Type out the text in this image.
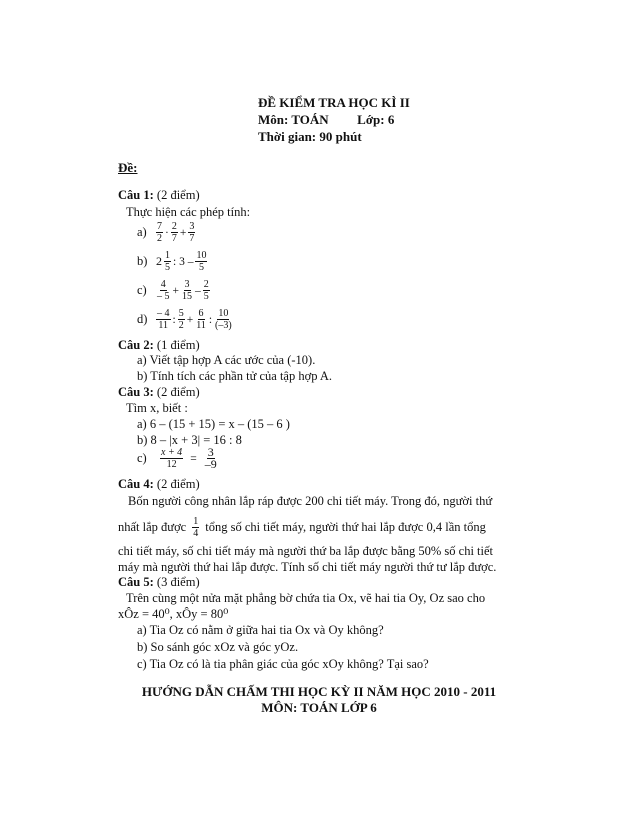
ĐỀ KIỂM TRA HỌC KÌ II
Môn: TOÁN Lớp: 6
Thời gian: 90 phút
Đề:
Câu 1: (2 điểm)
Thực hiện các phép tính:
$a) \frac{7}{2} \cdot \frac{2}{7} + \frac{3}{7}$
b) $2 \frac{1}{5}$ : $3 - \frac{10}{5}$
$c) \frac{4}{- 5} + \frac{3}{15} - \frac{2}{5}$
$d) \frac{- 4}{11}$ : $\frac{5}{2} + \frac{6}{11}$ : $\frac{10}{(-3)}$
Câu 2: (1 điểm)
a) Viết tập hợp A các ước của (-10).
b) Tính tích các phần tử của tập hợp A.
Câu 3: (2 điểm)
Tìm x, biết :
a) 6 – (15 + 15) = x – (15 – 6 )
b) 8 – |x + 3| = 16 : 8
c)	$\frac{x + 4}{12} = \frac{3}{-9}$
Câu 4: (2 điểm)
Bốn người công nhân lắp ráp được 200 chi tiết máy. Trong đó, người thứ
nhất lắp được $\frac{1}{4}$ tổng số chi tiết máy, người thứ hai lắp được 0,4 lần tổng
chi tiết máy, số chi tiết máy mà người thứ ba lắp được bằng 50% số chi tiết
máy mà người thứ hai lắp được. Tính số chi tiết máy người thứ tư lắp được.
Câu 5: (3 điểm)
Trên cùng một nửa mặt phẳng bờ chứa tia Ox, vẽ hai tia Oy, Oz sao cho
xÔz = 40⁰, xÔy = 80⁰
a) Tia Oz có nằm ở giữa hai tia Ox và Oy không?
b) So sánh góc xOz và góc yOz.
c) Tia Oz có là tia phân giác của góc xOy không? Tại sao?
HƯỚNG DẪN CHẤM THI HỌC KỲ II NĂM HỌC 2010 - 2011
MÔN: TOÁN LỚP 6
